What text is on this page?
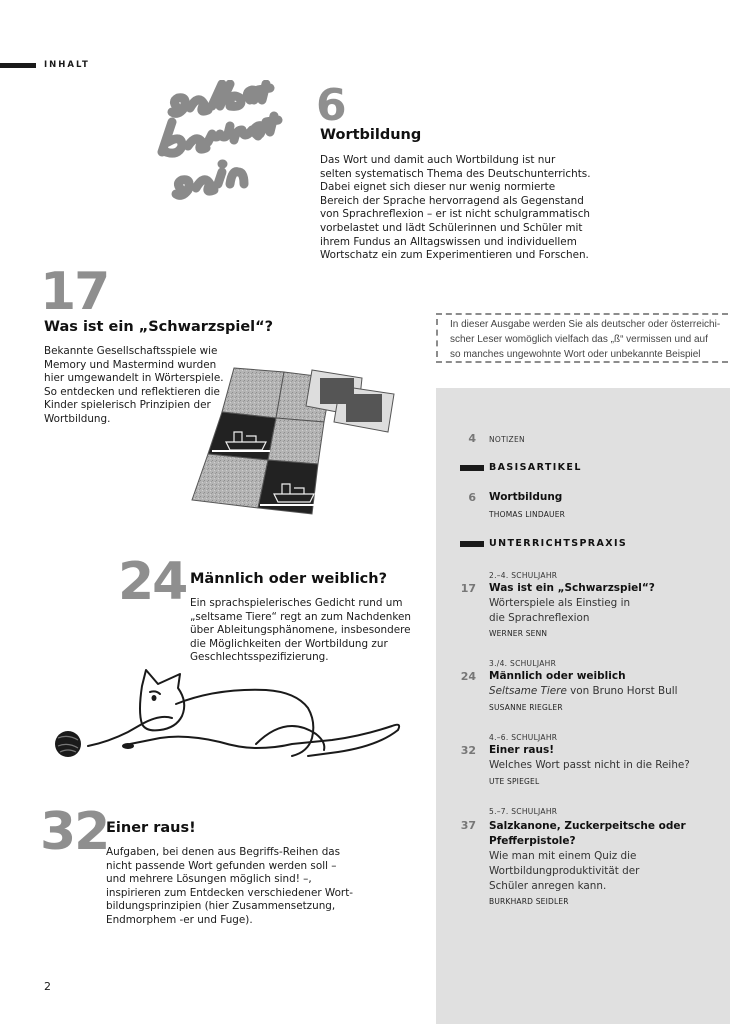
INHALT
6
Wortbildung
Das Wort und damit auch Wortbildung ist nur
selten systematisch Thema des Deutschunterrichts.
Dabei eignet sich dieser nur wenig normierte
Bereich der Sprache hervorragend als Gegenstand
von Sprachreflexion – er ist nicht schulgrammatisch
vorbelastet und lädt Schülerinnen und Schüler mit
ihrem Fundus an Alltagswissen und individuellem
Wortschatz ein zum Experimentieren und Forschen.
17
Was ist ein „Schwarzspiel“?
Bekannte Gesellschaftsspiele wie
Memory und Mastermind wurden
hier umgewandelt in Wörterspiele.
So entdecken und reflektieren die
Kinder spielerisch Prinzipien der
Wortbildung.
24 Männlich oder weiblich?
Ein sprachspielerisches Gedicht rund um
„seltsame Tiere“ regt an zum Nachdenken
über Ableitungsphänomene, insbesondere
die Möglichkeiten der Wortbildung zur
Geschlechtsspezifizierung.
32
Einer raus!
Aufgaben, bei denen aus Begriffs-Reihen das
nicht passende Wort gefunden werden soll –
und mehrere Lösungen möglich sind! –,
inspirieren zum Entdecken verschiedener Wort-
bildungsprinzipien (hier Zusammensetzung,
Endmorphem -er und Fuge).
In dieser Ausgabe werden Sie als deutscher oder österreichi-
scher Leser womöglich vielfach das „ß“ vermissen und auf
so manches ungewohnte Wort oder unbekannte Beispiel
4 NOTIZEN
BASISARTIKEL
6 Wortbildung
THOMAS LINDAUER
UNTERRICHTSPRAXIS
2.–4. SCHULJAHR
17 Was ist ein „Schwarzspiel“?
Wörterspiele als Einstieg in
die Sprachreflexion
WERNER SENN
3./4. SCHULJAHR
24 Männlich oder weiblich
Seltsame Tiere von Bruno Horst Bull
SUSANNE RIEGLER
4.–6. SCHULJAHR
32 Einer raus!
Welches Wort passt nicht in die Reihe?
UTE SPIEGEL
5.–7. SCHULJAHR
37 Salzkanone, Zuckerpeitsche oder
Pfefferpistole?
Wie man mit einem Quiz die
Wortbildungproduktivität der
Schüler anregen kann.
BURKHARD SEIDLER
2
